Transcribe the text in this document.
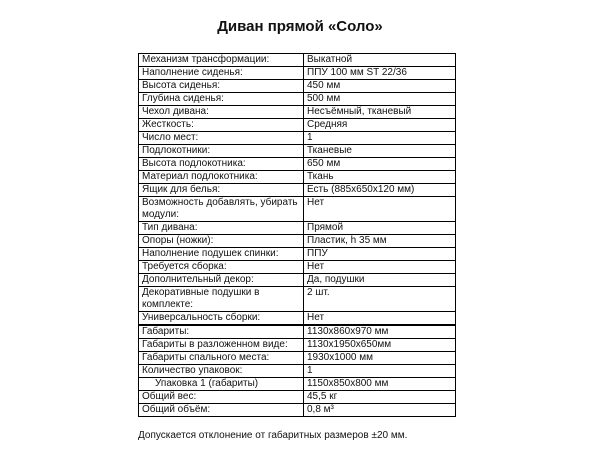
Диван прямой «Соло»
Механизм трансформации:	Выкатной
Наполнение сиденья:	ППУ 100 мм ST 22/36
Высота сиденья:	450 мм
Глубина сиденья:	500 мм
Чехол дивана:	Несъёмный, тканевый
Жесткость:	Средняя
Число мест:	1
Подлокотники:	Тканевые
Высота подлокотника:	650 мм
Материал подлокотника:	Ткань
Ящик для белья:	Есть (885x650x120 мм)
Возможность добавлять, убирать модули:	Нет
Тип дивана:	Прямой
Опоры (ножки):	Пластик, h 35 мм
Наполнение подушек спинки:	ППУ
Требуется сборка:	Нет
Дополнительный декор:	Да, подушки
Декоративные подушки в комплекте:	2 шт.
Универсальность сборки:	Нет
Габариты:	1130x860x970 мм
Габариты в разложенном виде:	1130x1950x650мм
Габариты спального места:	1930x1000 мм
Количество упаковок:	1
Упаковка 1 (габариты)	1150x850x800 мм
Общий вес:	45,5 кг
Общий объём:	0,8 м³
Допускается отклонение от габаритных размеров ±20 мм.
